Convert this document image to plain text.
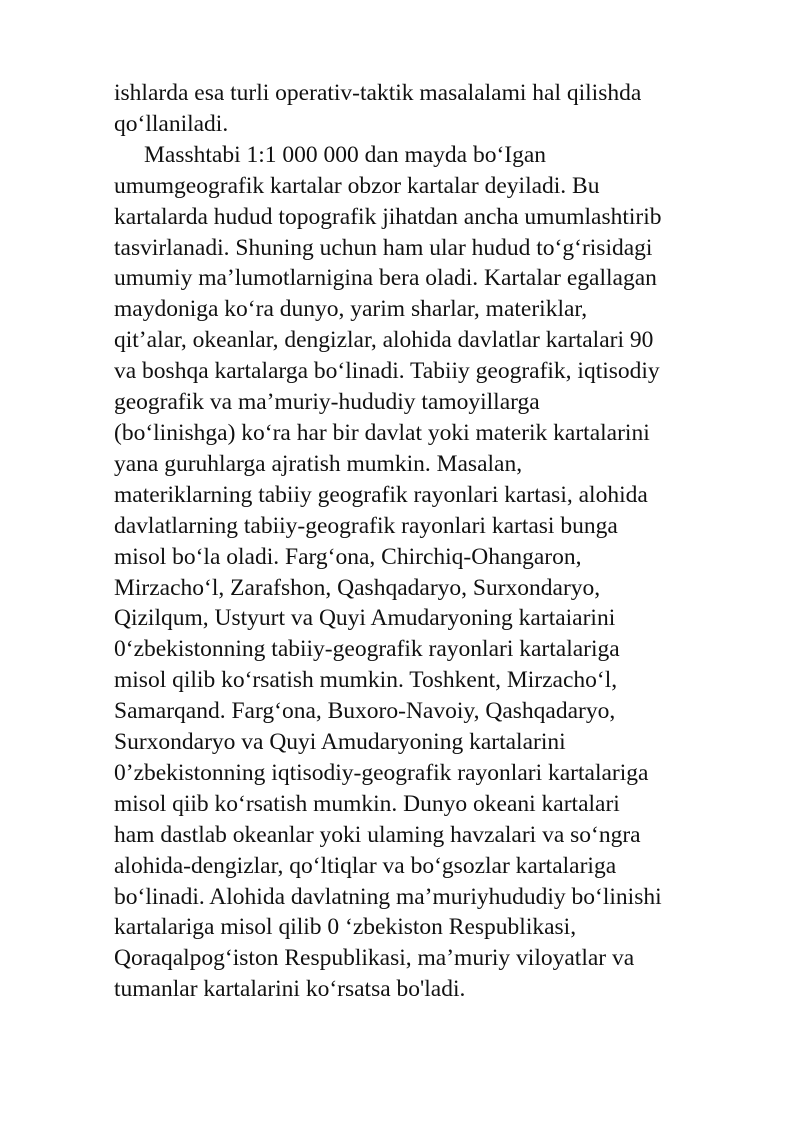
ishlarda esa turli operativ-taktik masalalami hal qilishda
qo‘llaniladi.
Masshtabi 1:1 000 000 dan mayda bo‘Igan
umumgeografik kartalar obzor kartalar deyiladi. Bu
kartalarda hudud topografik jihatdan ancha umumlashtirib
tasvirlanadi. Shuning uchun ham ular hudud to‘g‘risidagi
umumiy ma’lumotlarnigina bera oladi. Kartalar egallagan
maydoniga ko‘ra dunyo, yarim sharlar, materiklar,
qit’alar, okeanlar, dengizlar, alohida davlatlar kartalari 90
va boshqa kartalarga bo‘linadi. Tabiiy geografik, iqtisodiy
geografik va ma’muriy-hududiy tamoyillarga
(bo‘linishga) ko‘ra har bir davlat yoki materik kartalarini
yana guruhlarga ajratish mumkin. Masalan,
materiklarning tabiiy geografik rayonlari kartasi, alohida
davlatlarning tabiiy-geografik rayonlari kartasi bunga
misol bo‘la oladi. Farg‘ona, Chirchiq-Ohangaron,
Mirzacho‘l, Zarafshon, Qashqadaryo, Surxondaryo,
Qizilqum, Ustyurt va Quyi Amudaryoning kartaiarini
0‘zbekistonning tabiiy-geografik rayonlari kartalariga
misol qilib ko‘rsatish mumkin. Toshkent, Mirzacho‘l,
Samarqand. Farg‘ona, Buxoro-Navoiy, Qashqadaryo,
Surxondaryo va Quyi Amudaryoning kartalarini
0’zbekistonning iqtisodiy-geografik rayonlari kartalariga
misol qiib ko‘rsatish mumkin. Dunyo okeani kartalari
ham dastlab okeanlar yoki ulaming havzalari va so‘ngra
alohida-dengizlar, qo‘ltiqlar va bo‘gsozlar kartalariga
bo‘linadi. Alohida davlatning ma’muriyhududiy bo‘linishi
kartalariga misol qilib 0 ‘zbekiston Respublikasi,
Qoraqalpog‘iston Respublikasi, ma’muriy viloyatlar va
tumanlar kartalarini ko‘rsatsa bo'ladi.
